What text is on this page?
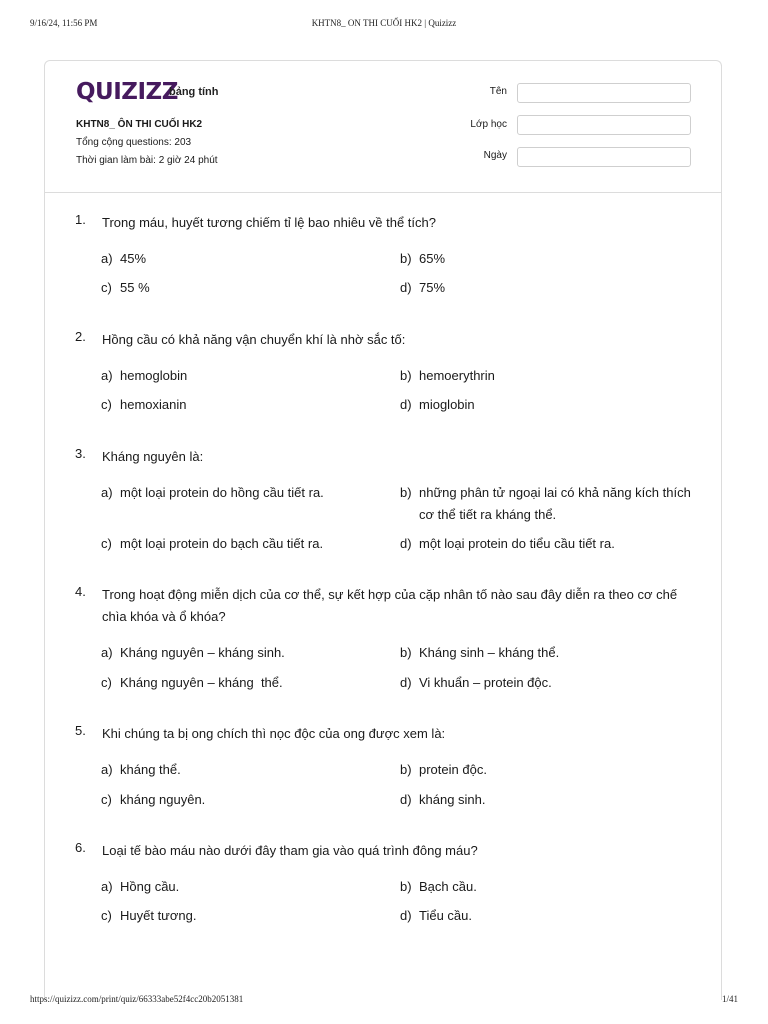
9/16/24, 11:56 PM	KHTN8_ ON THI CUỐI HK2 | Quizizz
QUIZIZZ
bảng tính
KHTN8_ ÔN THI CUỐI HK2
Tổng cộng questions: 203
Thời gian làm bài: 2 giờ 24 phút
Tên
Lớp học
Ngày
1. Trong máu, huyết tương chiếm tỉ lệ bao nhiêu về thể tích?
a) 45%	b) 65%
c) 55 %	d) 75%
2. Hồng cầu có khả năng vận chuyển khí là nhờ sắc tố:
a) hemoglobin	b) hemoerythrin
c) hemoxianin	d) mioglobin
3. Kháng nguyên là:
a) một loại protein do hồng cầu tiết ra.	b) những phân tử ngoại lai có khả năng kích thích cơ thể tiết ra kháng thể.
c) một loại protein do bạch cầu tiết ra.	d) một loại protein do tiểu cầu tiết ra.
4. Trong hoạt động miễn dịch của cơ thể, sự kết hợp của cặp nhân tố nào sau đây diễn ra theo cơ chế chìa khóa và ổ khóa?
a) Kháng nguyên – kháng sinh.	b) Kháng sinh – kháng thể.
c) Kháng nguyên – kháng  thể.	d) Vi khuẩn – protein độc.
5. Khi chúng ta bị ong chích thì nọc độc của ong được xem là:
a) kháng thể.	b) protein độc.
c) kháng nguyên.	d) kháng sinh.
6. Loại tế bào máu nào dưới đây tham gia vào quá trình đông máu?
a) Hồng cầu.	b) Bạch cầu.
c) Huyết tương.	d) Tiểu cầu.
https://quizizz.com/print/quiz/66333abe52f4cc20b2051381	1/41
